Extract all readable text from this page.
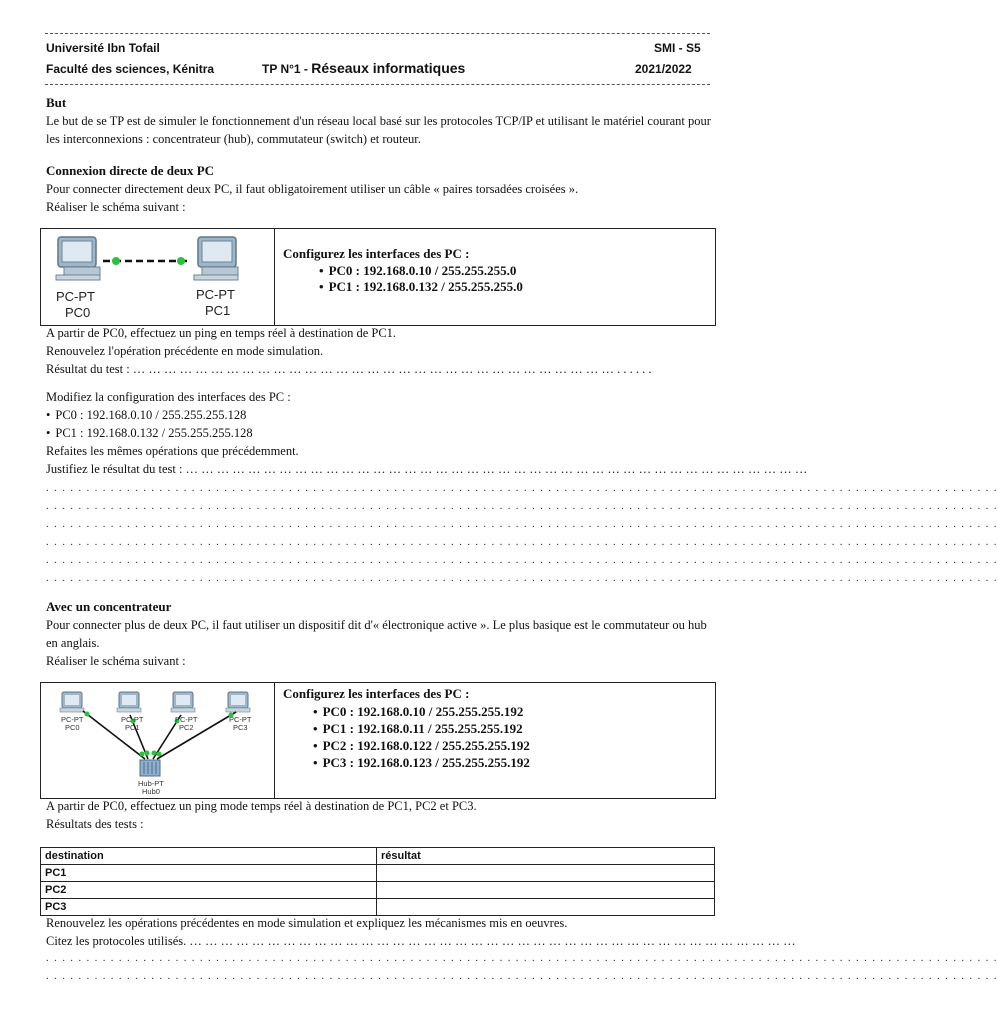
Université Ibn Tofail
Faculté des sciences, Kénitra	TP N°1 - Réseaux informatiques
SMI - S5
2021/2022
But
Le but de se TP est de simuler le fonctionnement d'un réseau local basé sur les protocoles TCP/IP et utilisant le matériel courant pour les interconnexions : concentrateur (hub), commutateur (switch) et routeur.
Connexion directe de deux PC
Pour connecter directement deux PC, il faut obligatoirement utiliser un câble « paires torsadées croisées ».
Réaliser le schéma suivant :
PC-PT
PC0
PC-PT
PC1
Configurez les interfaces des PC :
• PC0 : 192.168.0.10 / 255.255.255.0
• PC1 : 192.168.0.132 / 255.255.255.0
A partir de PC0, effectuez un ping en temps réel à destination de PC1.
Renouvelez l'opération précédente en mode simulation.
Résultat du test : … … … … … … … … … … … … … … … … … … … … … … … … … … … … … … … . . . . . .
Modifiez la configuration des interfaces des PC :
• PC0 : 192.168.0.10 / 255.255.255.128
• PC1 : 192.168.0.132 / 255.255.255.128
Refaites les mêmes opérations que précédemment.
Justifiez le résultat du test : … … … … … … … … … … … … … … … … … … … … … … … … … … … … … … … … … … … … … … … …
. . . . . . . . . . . . . . . . . . . . . . . . . . . . . . . . . . . . . . . . . . . . . . . . . . . . . . . . . . . . . . . . . . . . . . . . . . . . . . . . . . . . . . . . . . . . . . . . . . . . . . . . . . . . . . . . . . . . . .
. . . . . . . . . . . . . . . . . . . . . . . . . . . . . . . . . . . . . . . . . . . . . . . . . . . . . . . . . . . . . . . . . . . . . . . . . . . . . . . . . . . . . . . . . . . . . . . . . . . . . . . . . . . . . . . . . . . . . .
. . . . . . . . . . . . . . . . . . . . . . . . . . . . . . . . . . . . . . . . . . . . . . . . . . . . . . . . . . . . . . . . . . . . . . . . . . . . . . . . . . . . . . . . . . . . . . . . . . . . . . . . . . . . . . . . . . . . . .
. . . . . . . . . . . . . . . . . . . . . . . . . . . . . . . . . . . . . . . . . . . . . . . . . . . . . . . . . . . . . . . . . . . . . . . . . . . . . . . . . . . . . . . . . . . . . . . . . . . . . . . . . . . . . . . . . . . . . .
. . . . . . . . . . . . . . . . . . . . . . . . . . . . . . . . . . . . . . . . . . . . . . . . . . . . . . . . . . . . . . . . . . . . . . . . . . . . . . . . . . . . . . . . . . . . . . . . . . . . . . . . . . . . . . . . . . . . . .
. . . . . . . . . . . . . . . . . . . . . . . . . . . . . . . . . . . . . . . . . . . . . . . . . . . . . . . . . . . . . . . . . . . . . . . . . . . . . . . . . . . . . . . . . . . . . . . . . . . . . . . . . . . . . . . . . . . . . .
Avec un concentrateur
Pour connecter plus de deux PC, il faut utiliser un dispositif dit d'« électronique active ». Le plus basique est le commutateur ou hub en anglais.
Réaliser le schéma suivant :
PC-PT
PC0
PC-PT
PC1
PC-PT
PC2
PC-PT
PC3
Hub-PT
Hub0
Configurez les interfaces des PC :
• PC0 : 192.168.0.10 / 255.255.255.192
• PC1 : 192.168.0.11 / 255.255.255.192
• PC2 : 192.168.0.122 / 255.255.255.192
• PC3 : 192.168.0.123 / 255.255.255.192
A partir de PC0, effectuez un ping mode temps réel à destination de PC1, PC2 et PC3.
Résultats des tests :
destination	résultat
PC1	
PC2	
PC3	
Renouvelez les opérations précédentes en mode simulation et expliquez les mécanismes mis en oeuvres.
Citez les protocoles utilisés. … … … … … … … … … … … … … … … … … … … … … … … … … … … … … … … … … … … … … … …
. . . . . . . . . . . . . . . . . . . . . . . . . . . . . . . . . . . . . . . . . . . . . . . . . . . . . . . . . . . . . . . . . . . . . . . . . . . . . . . . . . . . . . . . . . . . . . . . . . . . . . . . . . . . . . . . . . . . . .
. . . . . . . . . . . . . . . . . . . . . . . . . . . . . . . . . . . . . . . . . . . . . . . . . . . . . . . . . . . . . . . . . . . . . . . . . . . . . . . . . . . . . . . . . . . . . . . . . . . . . . . . . . . . . . . . . . . . . .
